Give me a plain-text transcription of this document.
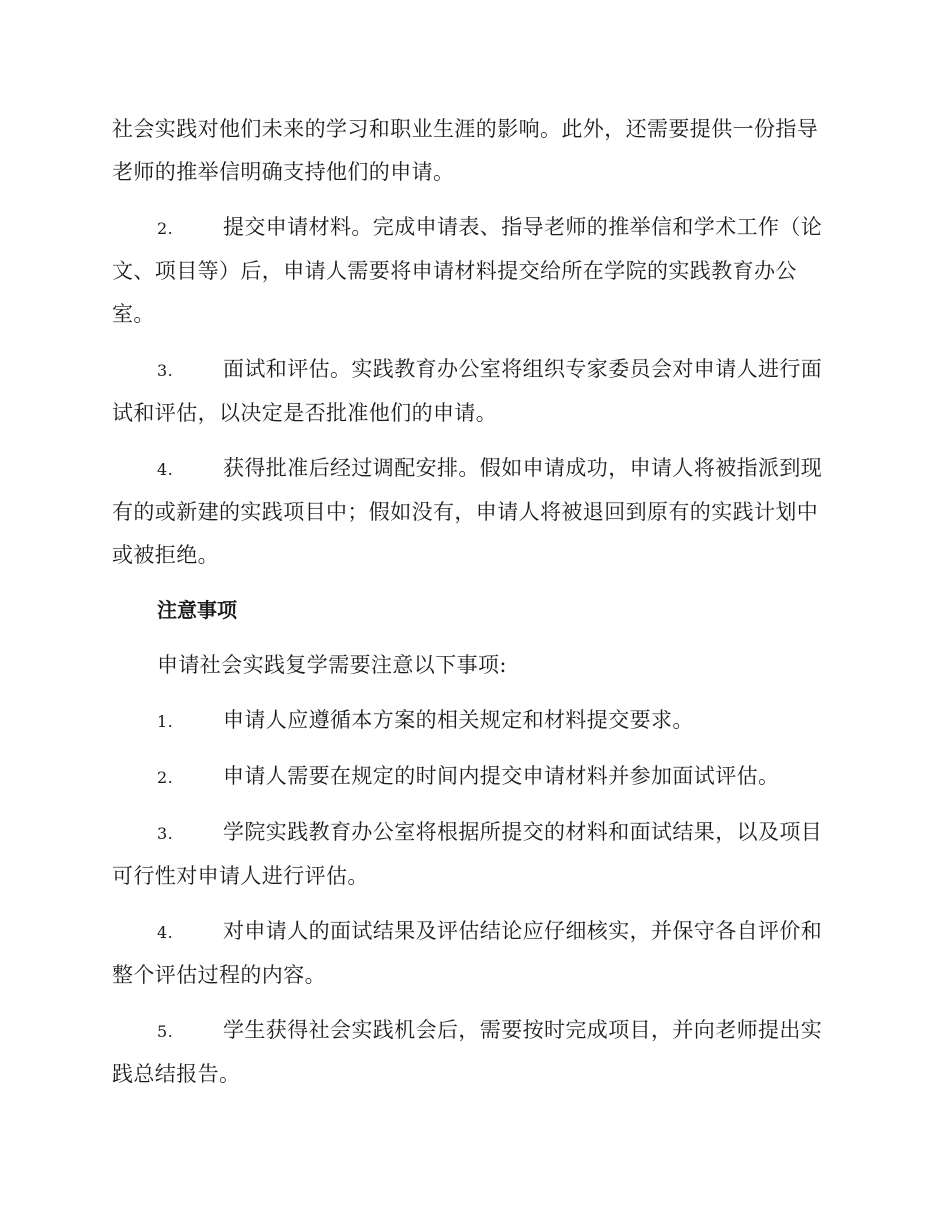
社会实践对他们未来的学习和职业生涯的影响。此外，还需要提供一份指导老师的推举信明确支持他们的申请。

2. 提交申请材料。完成申请表、指导老师的推举信和学术工作（论文、项目等）后，申请人需要将申请材料提交给所在学院的实践教育办公室。

3. 面试和评估。实践教育办公室将组织专家委员会对申请人进行面试和评估，以决定是否批准他们的申请。

4. 获得批准后经过调配安排。假如申请成功，申请人将被指派到现有的或新建的实践项目中；假如没有，申请人将被退回到原有的实践计划中或被拒绝。

注意事项

申请社会实践复学需要注意以下事项:

1. 申请人应遵循本方案的相关规定和材料提交要求。

2. 申请人需要在规定的时间内提交申请材料并参加面试评估。

3. 学院实践教育办公室将根据所提交的材料和面试结果，以及项目可行性对申请人进行评估。

4. 对申请人的面试结果及评估结论应仔细核实，并保守各自评价和整个评估过程的内容。

5. 学生获得社会实践机会后，需要按时完成项目，并向老师提出实践总结报告。
